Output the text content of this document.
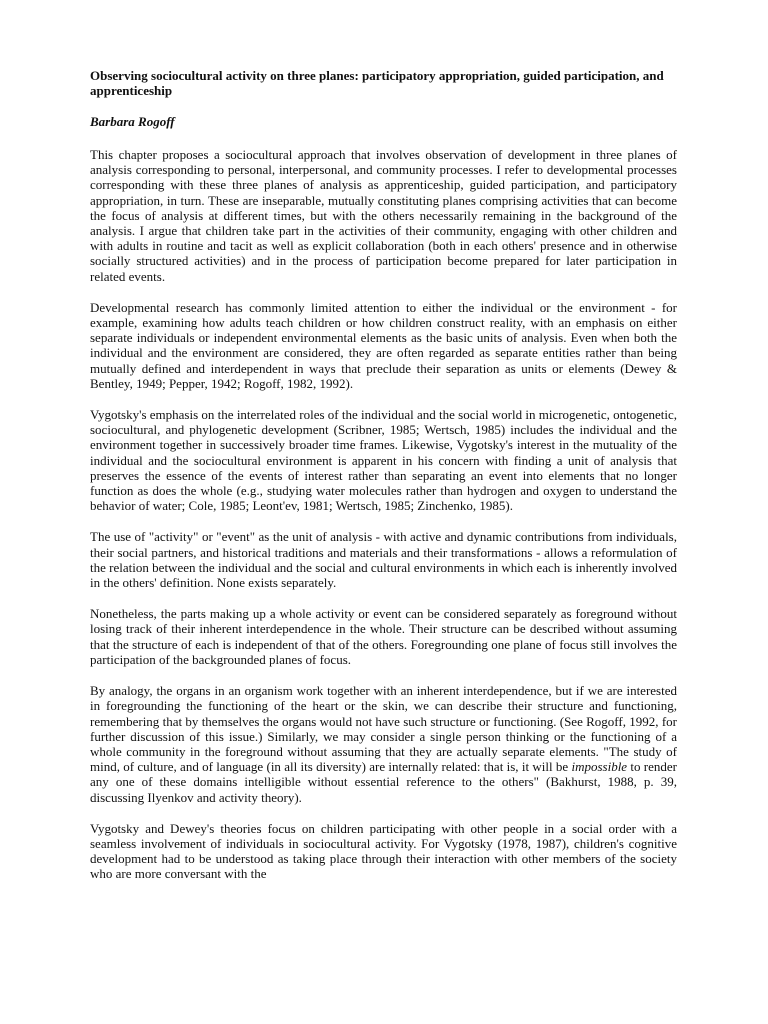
Observing sociocultural activity on three planes: participatory appropriation, guided participation, and apprenticeship
Barbara Rogoff

This chapter proposes a sociocultural approach that involves observation of development in three planes of analysis corresponding to personal, interpersonal, and community processes. I refer to developmental processes corresponding with these three planes of analysis as apprenticeship, guided participation, and participatory appropriation, in turn. These are inseparable, mutually constituting planes comprising activities that can become the focus of analysis at different times, but with the others necessarily remaining in the background of the analysis. I argue that children take part in the activities of their community, engaging with other children and with adults in routine and tacit as well as explicit collaboration (both in each others' presence and in otherwise socially structured activities) and in the process of participation become prepared for later participation in related events.

Developmental research has commonly limited attention to either the individual or the environment - for example, examining how adults teach children or how children construct reality, with an emphasis on either separate individuals or independent environmental elements as the basic units of analysis. Even when both the individual and the environment are considered, they are often regarded as separate entities rather than being mutually defined and interdependent in ways that preclude their separation as units or elements (Dewey & Bentley, 1949; Pepper, 1942; Rogoff, 1982, 1992).

Vygotsky's emphasis on the interrelated roles of the individual and the social world in microgenetic, ontogenetic, sociocultural, and phylogenetic development (Scribner, 1985; Wertsch, 1985) includes the individual and the environment together in successively broader time frames. Likewise, Vygotsky's interest in the mutuality of the individual and the sociocultural environment is apparent in his concern with finding a unit of analysis that preserves the essence of the events of interest rather than separating an event into elements that no longer function as does the whole (e.g., studying water molecules rather than hydrogen and oxygen to understand the behavior of water; Cole, 1985; Leont'ev, 1981; Wertsch, 1985; Zinchenko, 1985).

The use of "activity" or "event" as the unit of analysis - with active and dynamic contributions from individuals, their social partners, and historical traditions and materials and their transformations - allows a reformulation of the relation between the individual and the social and cultural environments in which each is inherently involved in the others' definition. None exists separately.

Nonetheless, the parts making up a whole activity or event can be considered separately as foreground without losing track of their inherent interdependence in the whole. Their structure can be described without assuming that the structure of each is independent of that of the others. Foregrounding one plane of focus still involves the participation of the backgrounded planes of focus.

By analogy, the organs in an organism work together with an inherent interdependence, but if we are interested in foregrounding the functioning of the heart or the skin, we can describe their structure and functioning, remembering that by themselves the organs would not have such structure or functioning. (See Rogoff, 1992, for further discussion of this issue.) Similarly, we may consider a single person thinking or the functioning of a whole community in the foreground without assuming that they are actually separate elements. "The study of mind, of culture, and of language (in all its diversity) are internally related: that is, it will be impossible to render any one of these domains intelligible without essential reference to the others" (Bakhurst, 1988, p. 39, discussing Ilyenkov and activity theory).

Vygotsky and Dewey's theories focus on children participating with other people in a social order with a seamless involvement of individuals in sociocultural activity. For Vygotsky (1978, 1987), children's cognitive development had to be understood as taking place through their interaction with other members of the society who are more conversant with the
